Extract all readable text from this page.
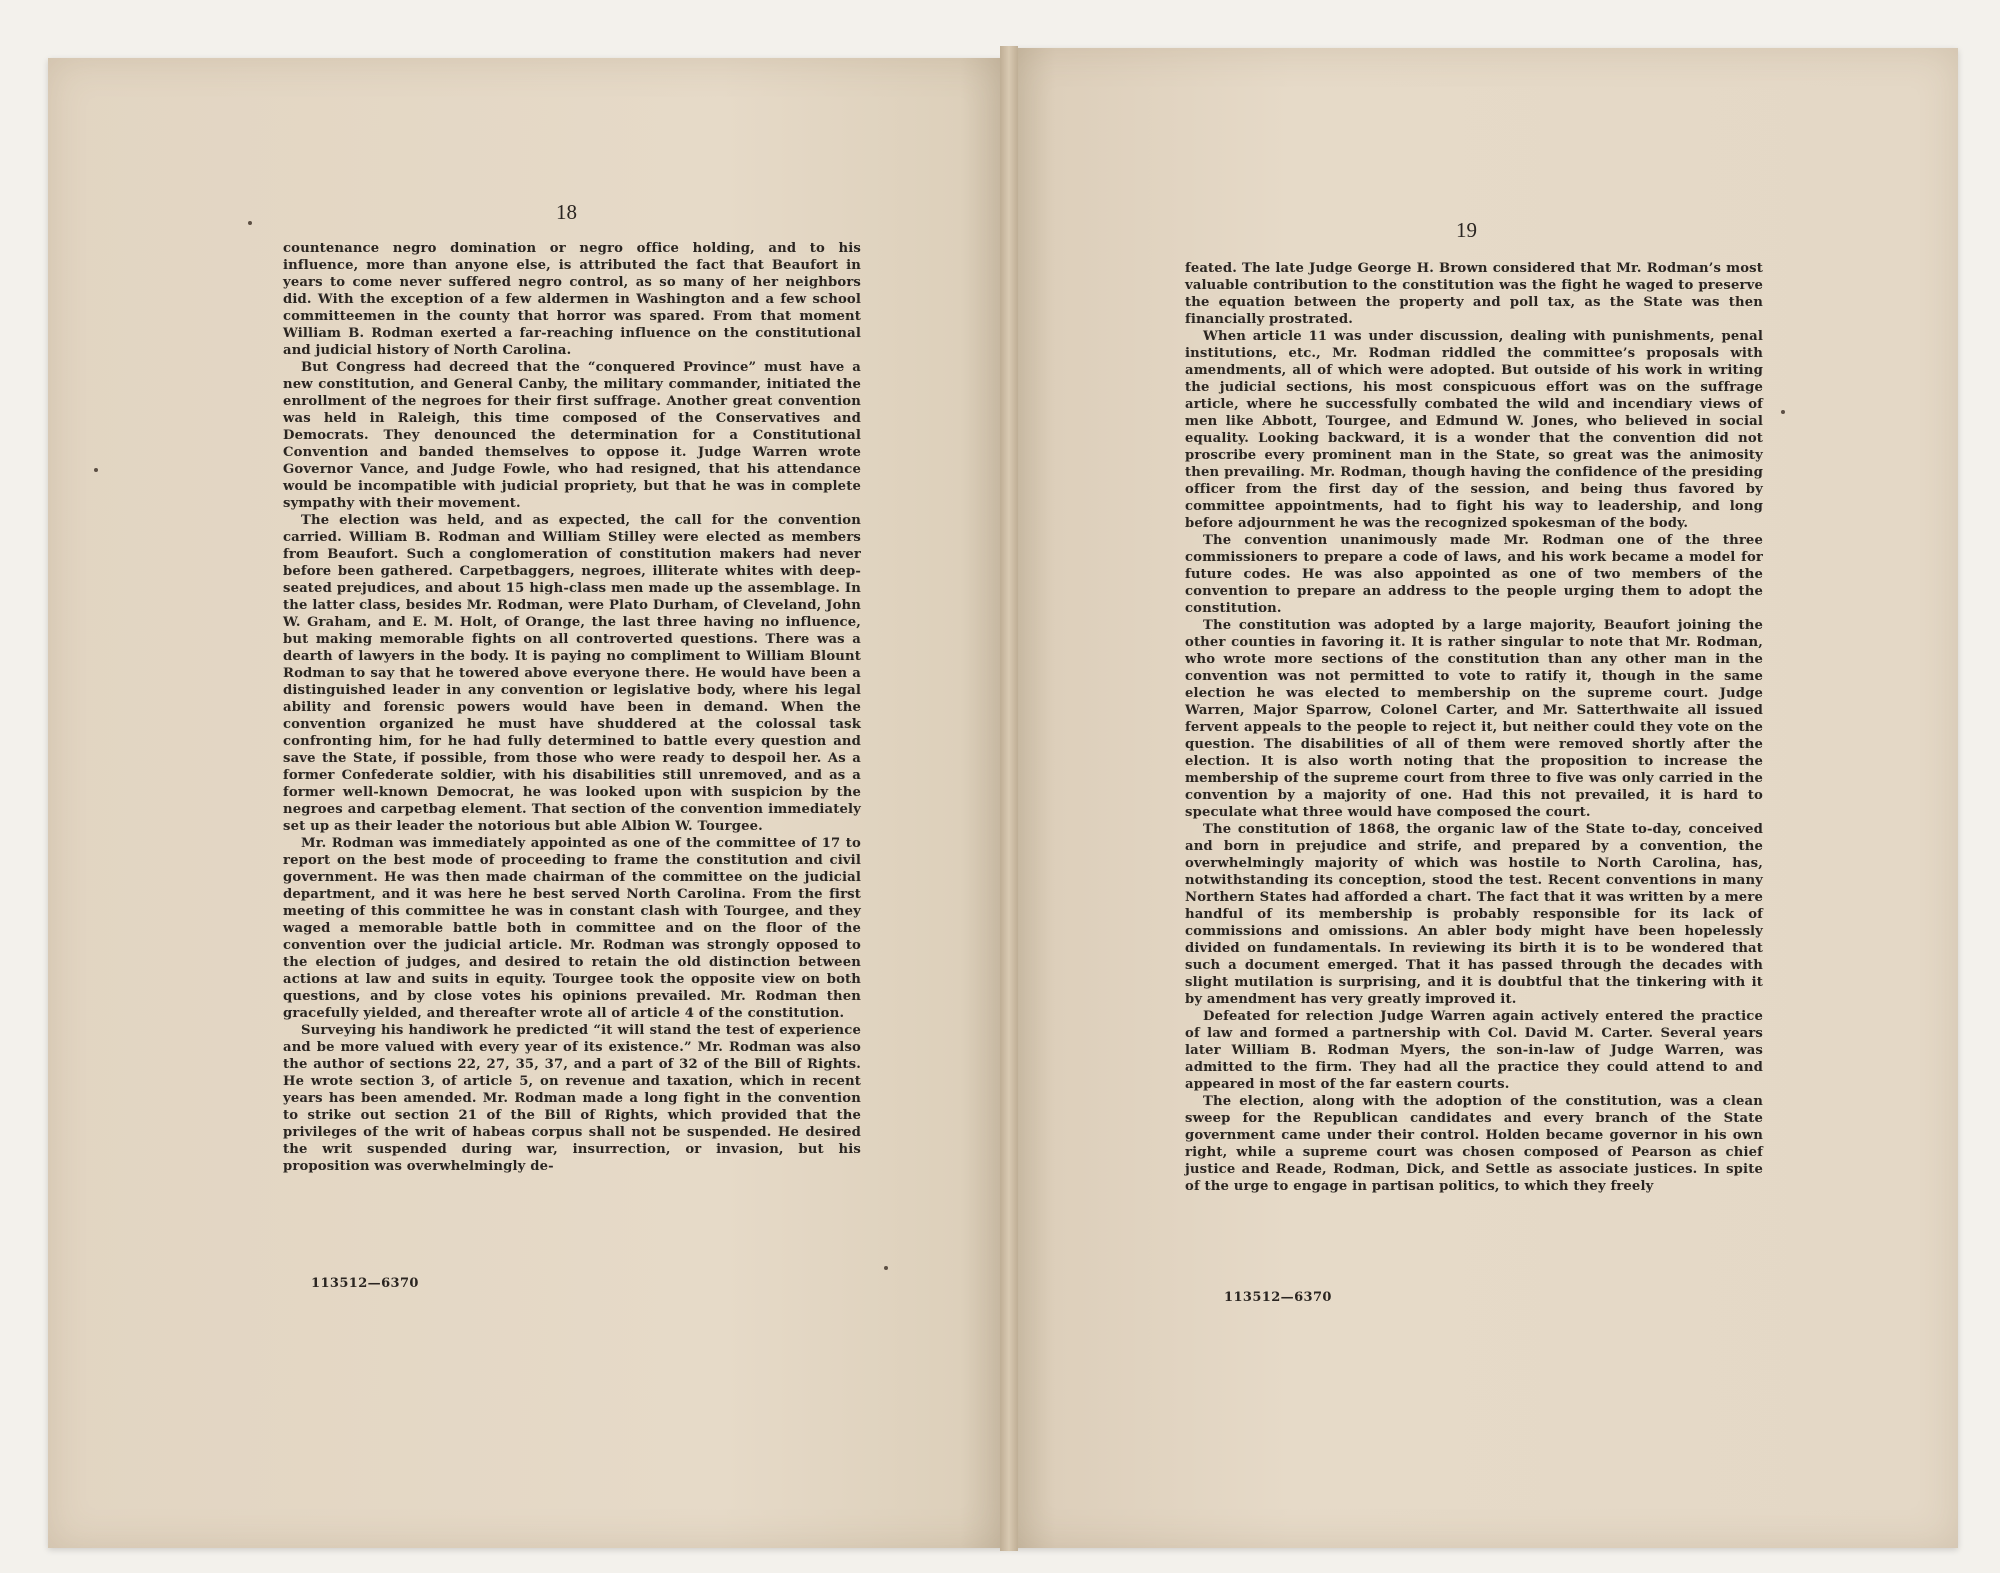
18
19

countenance negro domination or negro office holding, and to his influence, more than anyone else, is attributed the fact that Beaufort in years to come never suffered negro control, as so many of her neighbors did. With the exception of a few aldermen in Washington and a few school committeemen in the county that horror was spared. From that moment William B. Rodman exerted a far-reaching influence on the constitutional and judicial history of North Carolina.

But Congress had decreed that the “conquered Province” must have a new constitution, and General Canby, the military commander, initiated the enrollment of the negroes for their first suffrage. Another great convention was held in Raleigh, this time composed of the Conservatives and Democrats. They denounced the determination for a Constitutional Convention and banded themselves to oppose it. Judge Warren wrote Governor Vance, and Judge Fowle, who had resigned, that his attendance would be incompatible with judicial propriety, but that he was in complete sympathy with their movement.

The election was held, and as expected, the call for the convention carried. William B. Rodman and William Stilley were elected as members from Beaufort. Such a conglomeration of constitution makers had never before been gathered. Carpetbaggers, negroes, illiterate whites with deep-seated prejudices, and about 15 high-class men made up the assemblage. In the latter class, besides Mr. Rodman, were Plato Durham, of Cleveland, John W. Graham, and E. M. Holt, of Orange, the last three having no influence, but making memorable fights on all controverted questions. There was a dearth of lawyers in the body. It is paying no compliment to William Blount Rodman to say that he towered above everyone there. He would have been a distinguished leader in any convention or legislative body, where his legal ability and forensic powers would have been in demand. When the convention organized he must have shuddered at the colossal task confronting him, for he had fully determined to battle every question and save the State, if possible, from those who were ready to despoil her. As a former Confederate soldier, with his disabilities still unremoved, and as a former well-known Democrat, he was looked upon with suspicion by the negroes and carpetbag element. That section of the convention immediately set up as their leader the notorious but able Albion W. Tourgee.

Mr. Rodman was immediately appointed as one of the committee of 17 to report on the best mode of proceeding to frame the constitution and civil government. He was then made chairman of the committee on the judicial department, and it was here he best served North Carolina. From the first meeting of this committee he was in constant clash with Tourgee, and they waged a memorable battle both in committee and on the floor of the convention over the judicial article. Mr. Rodman was strongly opposed to the election of judges, and desired to retain the old distinction between actions at law and suits in equity. Tourgee took the opposite view on both questions, and by close votes his opinions prevailed. Mr. Rodman then gracefully yielded, and thereafter wrote all of article 4 of the constitution.

Surveying his handiwork he predicted “it will stand the test of experience and be more valued with every year of its existence.” Mr. Rodman was also the author of sections 22, 27, 35, 37, and a part of 32 of the Bill of Rights. He wrote section 3, of article 5, on revenue and taxation, which in recent years has been amended. Mr. Rodman made a long fight in the convention to strike out section 21 of the Bill of Rights, which provided that the privileges of the writ of habeas corpus shall not be suspended. He desired the writ suspended during war, insurrection, or invasion, but his proposition was overwhelmingly de-

113512—6370

feated. The late Judge George H. Brown considered that Mr. Rodman’s most valuable contribution to the constitution was the fight he waged to preserve the equation between the property and poll tax, as the State was then financially prostrated.

When article 11 was under discussion, dealing with punishments, penal institutions, etc., Mr. Rodman riddled the committee’s proposals with amendments, all of which were adopted. But outside of his work in writing the judicial sections, his most conspicuous effort was on the suffrage article, where he successfully combated the wild and incendiary views of men like Abbott, Tourgee, and Edmund W. Jones, who believed in social equality. Looking backward, it is a wonder that the convention did not proscribe every prominent man in the State, so great was the animosity then prevailing. Mr. Rodman, though having the confidence of the presiding officer from the first day of the session, and being thus favored by committee appointments, had to fight his way to leadership, and long before adjournment he was the recognized spokesman of the body.

The convention unanimously made Mr. Rodman one of the three commissioners to prepare a code of laws, and his work became a model for future codes. He was also appointed as one of two members of the convention to prepare an address to the people urging them to adopt the constitution.

The constitution was adopted by a large majority, Beaufort joining the other counties in favoring it. It is rather singular to note that Mr. Rodman, who wrote more sections of the constitution than any other man in the convention was not permitted to vote to ratify it, though in the same election he was elected to membership on the supreme court. Judge Warren, Major Sparrow, Colonel Carter, and Mr. Satterthwaite all issued fervent appeals to the people to reject it, but neither could they vote on the question. The disabilities of all of them were removed shortly after the election. It is also worth noting that the proposition to increase the membership of the supreme court from three to five was only carried in the convention by a majority of one. Had this not prevailed, it is hard to speculate what three would have composed the court.

The constitution of 1868, the organic law of the State to-day, conceived and born in prejudice and strife, and prepared by a convention, the overwhelmingly majority of which was hostile to North Carolina, has, notwithstanding its conception, stood the test. Recent conventions in many Northern States had afforded a chart. The fact that it was written by a mere handful of its membership is probably responsible for its lack of commissions and omissions. An abler body might have been hopelessly divided on fundamentals. In reviewing its birth it is to be wondered that such a document emerged. That it has passed through the decades with slight mutilation is surprising, and it is doubtful that the tinkering with it by amendment has very greatly improved it.

Defeated for relection Judge Warren again actively entered the practice of law and formed a partnership with Col. David M. Carter. Several years later William B. Rodman Myers, the son-in-law of Judge Warren, was admitted to the firm. They had all the practice they could attend to and appeared in most of the far eastern courts.

The election, along with the adoption of the constitution, was a clean sweep for the Republican candidates and every branch of the State government came under their control. Holden became governor in his own right, while a supreme court was chosen composed of Pearson as chief justice and Reade, Rodman, Dick, and Settle as associate justices. In spite of the urge to engage in partisan politics, to which they freely

113512—6370
